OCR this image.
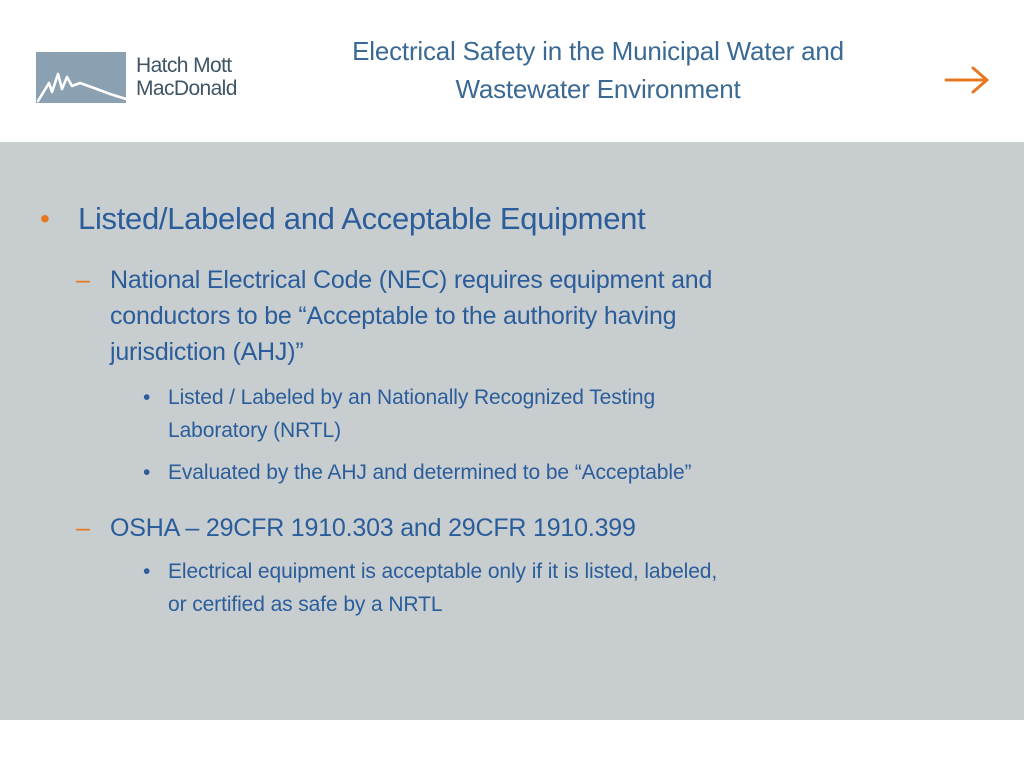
Hatch Mott
MacDonald
Electrical Safety in the Municipal Water and
Wastewater Environment
• Listed/Labeled and Acceptable Equipment
– National Electrical Code (NEC) requires equipment and
conductors to be “Acceptable to the authority having
jurisdiction (AHJ)”
• Listed / Labeled by an Nationally Recognized Testing
Laboratory (NRTL)
• Evaluated by the AHJ and determined to be “Acceptable”
– OSHA – 29CFR 1910.303 and 29CFR 1910.399
• Electrical equipment is acceptable only if it is listed, labeled,
or certified as safe by a NRTL
